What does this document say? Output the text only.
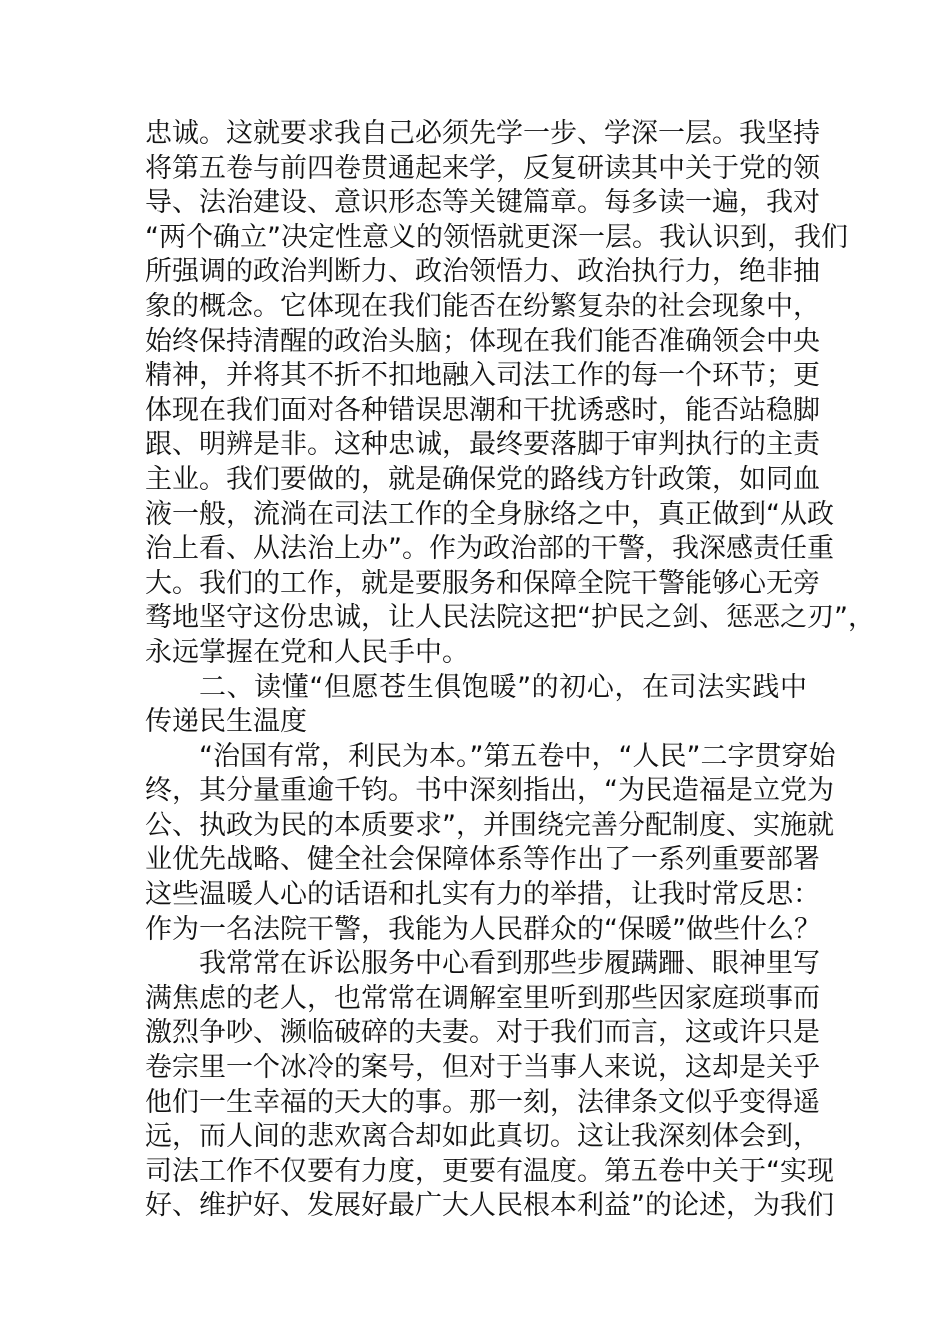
忠诚。这就要求我自己必须先学一步、学深一层。我坚持
将第五卷与前四卷贯通起来学，反复研读其中关于党的领
导、法治建设、意识形态等关键篇章。每多读一遍，我对
“两个确立”决定性意义的领悟就更深一层。我认识到，我们
所强调的政治判断力、政治领悟力、政治执行力，绝非抽
象的概念。它体现在我们能否在纷繁复杂的社会现象中，
始终保持清醒的政治头脑；体现在我们能否准确领会中央
精神，并将其不折不扣地融入司法工作的每一个环节；更
体现在我们面对各种错误思潮和干扰诱惑时，能否站稳脚
跟、明辨是非。这种忠诚，最终要落脚于审判执行的主责
主业。我们要做的，就是确保党的路线方针政策，如同血
液一般，流淌在司法工作的全身脉络之中，真正做到“从政
治上看、从法治上办”。作为政治部的干警，我深感责任重
大。我们的工作，就是要服务和保障全院干警能够心无旁
骛地坚守这份忠诚，让人民法院这把“护民之剑、惩恶之刃”，
永远掌握在党和人民手中。
二、读懂“但愿苍生俱饱暖”的初心，在司法实践中
传递民生温度
“治国有常，利民为本。”第五卷中，“人民”二字贯穿始
终，其分量重逾千钧。书中深刻指出，“为民造福是立党为
公、执政为民的本质要求”，并围绕完善分配制度、实施就
业优先战略、健全社会保障体系等作出了一系列重要部署
这些温暖人心的话语和扎实有力的举措，让我时常反思：
作为一名法院干警，我能为人民群众的“保暖”做些什么？
我常常在诉讼服务中心看到那些步履蹒跚、眼神里写
满焦虑的老人，也常常在调解室里听到那些因家庭琐事而
激烈争吵、濒临破碎的夫妻。对于我们而言，这或许只是
卷宗里一个冰冷的案号，但对于当事人来说，这却是关乎
他们一生幸福的天大的事。那一刻，法律条文似乎变得遥
远，而人间的悲欢离合却如此真切。这让我深刻体会到，
司法工作不仅要有力度，更要有温度。第五卷中关于“实现
好、维护好、发展好最广大人民根本利益”的论述，为我们
